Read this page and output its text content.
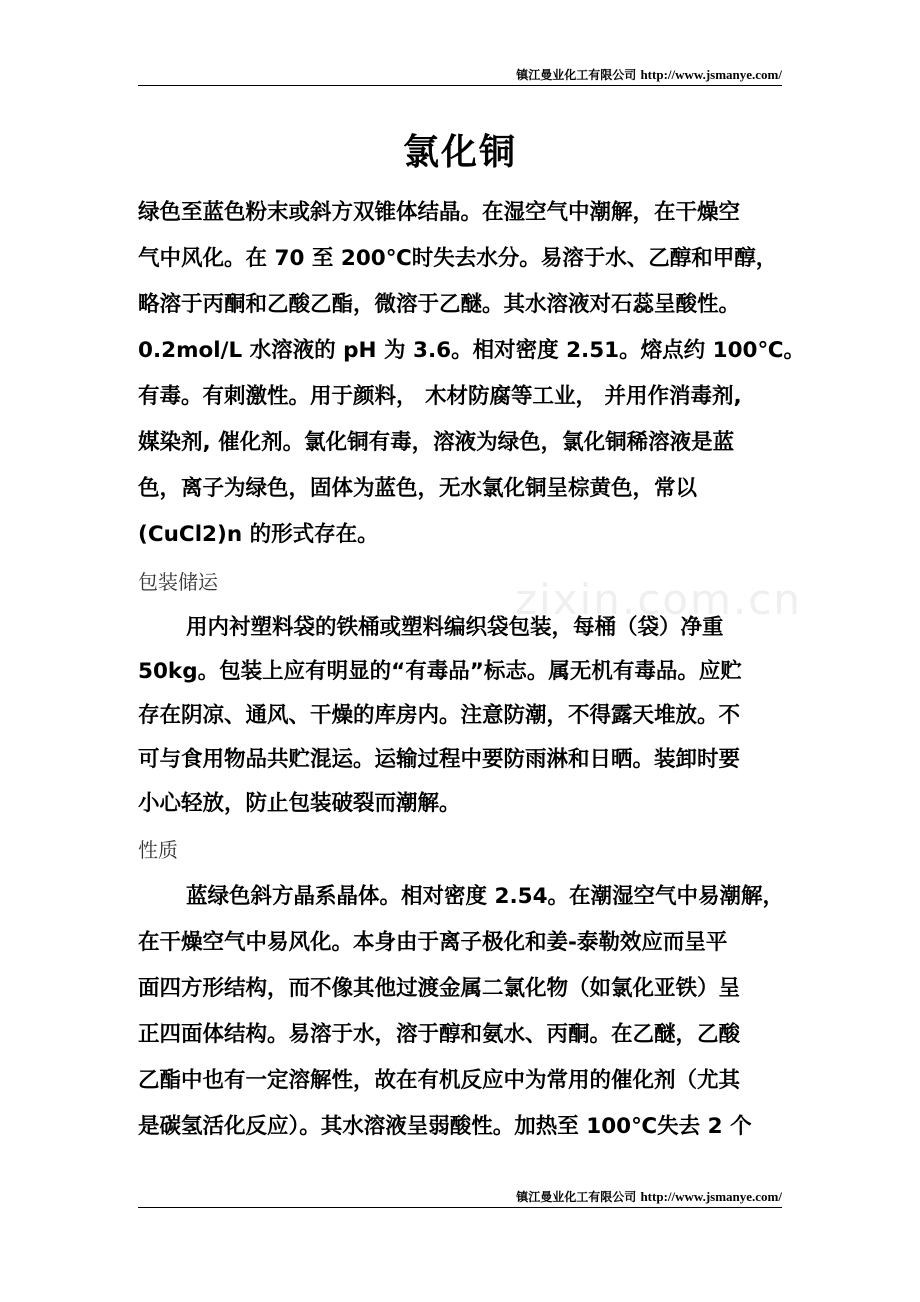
镇江曼业化工有限公司 http://www.jsmanye.com/
zixin.com.cn
氯化铜
绿色至蓝色粉末或斜方双锥体结晶。在湿空气中潮解，在干燥空
气中风化。在 70 至 200℃时失去水分。易溶于水、乙醇和甲醇，
略溶于丙酮和乙酸乙酯，微溶于乙醚。其水溶液对石蕊呈酸性。
0.2mol/L 水溶液的 pH 为 3.6。相对密度 2.51。熔点约 100℃。
有毒。有刺激性。用于颜料， 木材防腐等工业， 并用作消毒剂,
媒染剂, 催化剂。氯化铜有毒，溶液为绿色，氯化铜稀溶液是蓝
色，离子为绿色，固体为蓝色，无水氯化铜呈棕黄色，常以
(CuCl2)n 的形式存在。
包装储运
用内衬塑料袋的铁桶或塑料编织袋包装，每桶（袋）净重
50kg。包装上应有明显的“有毒品”标志。属无机有毒品。应贮
存在阴凉、通风、干燥的库房内。注意防潮，不得露天堆放。不
可与食用物品共贮混运。运输过程中要防雨淋和日晒。装卸时要
小心轻放，防止包装破裂而潮解。
性质
蓝绿色斜方晶系晶体。相对密度 2.54。在潮湿空气中易潮解，
在干燥空气中易风化。本身由于离子极化和姜-泰勒效应而呈平
面四方形结构，而不像其他过渡金属二氯化物（如氯化亚铁）呈
正四面体结构。易溶于水，溶于醇和氨水、丙酮。在乙醚，乙酸
乙酯中也有一定溶解性，故在有机反应中为常用的催化剂（尤其
是碳氢活化反应）。其水溶液呈弱酸性。加热至 100℃失去 2 个
镇江曼业化工有限公司 http://www.jsmanye.com/
